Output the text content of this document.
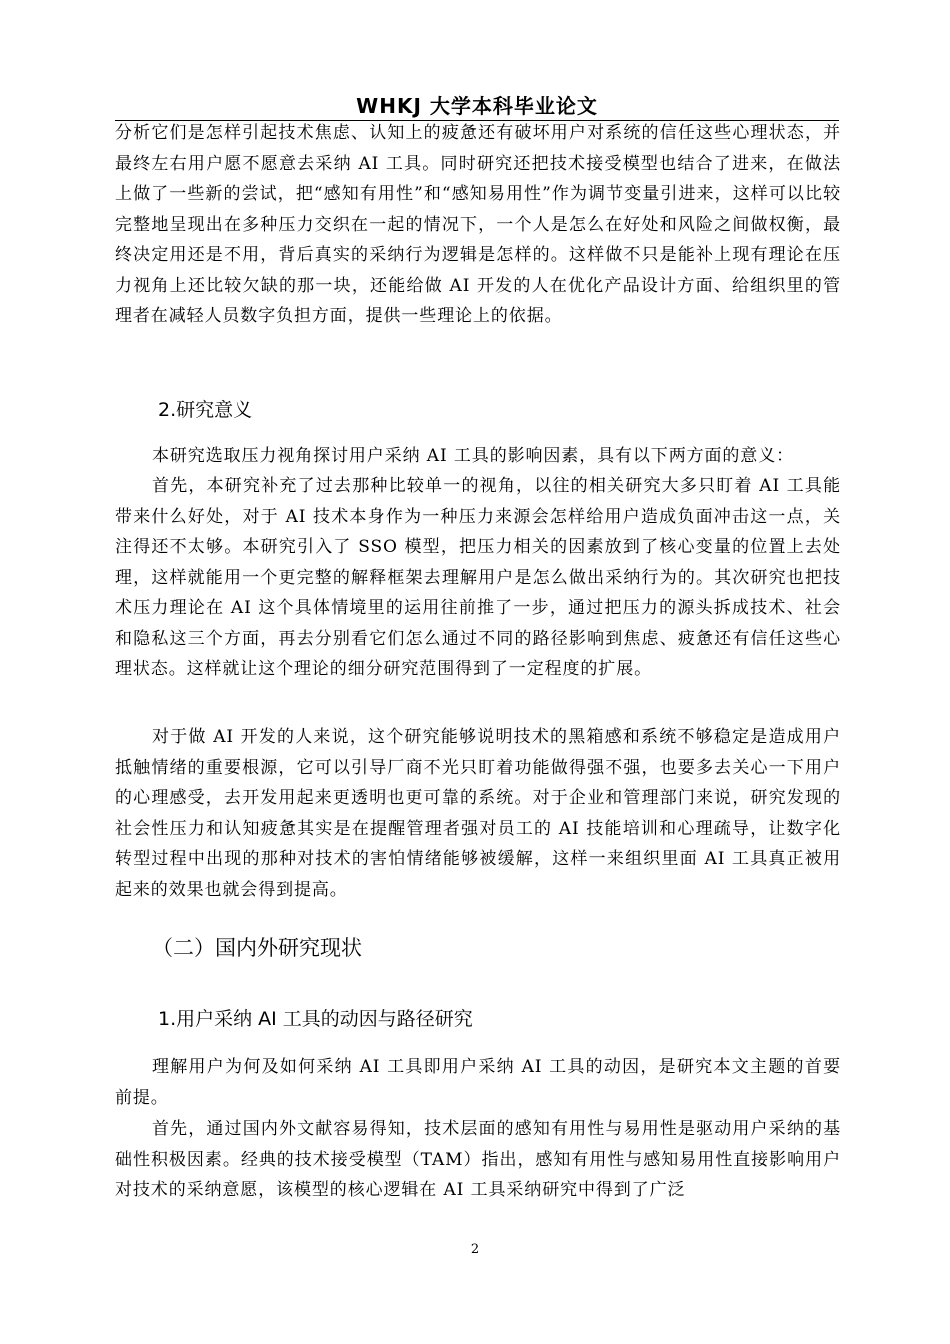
WHKJ 大学本科毕业论文

分析它们是怎样引起技术焦虑、认知上的疲惫还有破坏用户对系统的信任这些心理状态，并最终左右用户愿不愿意去采纳 AI 工具。同时研究还把技术接受模型也结合了进来，在做法上做了一些新的尝试，把“感知有用性”和“感知易用性”作为调节变量引进来，这样可以比较完整地呈现出在多种压力交织在一起的情况下，一个人是怎么在好处和风险之间做权衡，最终决定用还是不用，背后真实的采纳行为逻辑是怎样的。这样做不只是能补上现有理论在压力视角上还比较欠缺的那一块，还能给做 AI 开发的人在优化产品设计方面、给组织里的管理者在减轻人员数字负担方面，提供一些理论上的依据。

2.研究意义

本研究选取压力视角探讨用户采纳 AI 工具的影响因素，具有以下两方面的意义：

首先，本研究补充了过去那种比较单一的视角，以往的相关研究大多只盯着 AI 工具能带来什么好处，对于 AI 技术本身作为一种压力来源会怎样给用户造成负面冲击这一点，关注得还不太够。本研究引入了 SSO 模型，把压力相关的因素放到了核心变量的位置上去处理，这样就能用一个更完整的解释框架去理解用户是怎么做出采纳行为的。其次研究也把技术压力理论在 AI 这个具体情境里的运用往前推了一步，通过把压力的源头拆成技术、社会和隐私这三个方面，再去分别看它们怎么通过不同的路径影响到焦虑、疲惫还有信任这些心理状态。这样就让这个理论的细分研究范围得到了一定程度的扩展。

对于做 AI 开发的人来说，这个研究能够说明技术的黑箱感和系统不够稳定是造成用户抵触情绪的重要根源，它可以引导厂商不光只盯着功能做得强不强，也要多去关心一下用户的心理感受，去开发用起来更透明也更可靠的系统。对于企业和管理部门来说，研究发现的社会性压力和认知疲惫其实是在提醒管理者强对员工的 AI 技能培训和心理疏导，让数字化转型过程中出现的那种对技术的害怕情绪能够被缓解，这样一来组织里面 AI 工具真正被用起来的效果也就会得到提高。

（二）国内外研究现状

1.用户采纳 AI 工具的动因与路径研究

理解用户为何及如何采纳 AI 工具即用户采纳 AI 工具的动因，是研究本文主题的首要前提。

首先，通过国内外文献容易得知，技术层面的感知有用性与易用性是驱动用户采纳的基础性积极因素。经典的技术接受模型（TAM）指出，感知有用性与感知易用性直接影响用户对技术的采纳意愿，该模型的核心逻辑在 AI 工具采纳研究中得到了广泛

2
